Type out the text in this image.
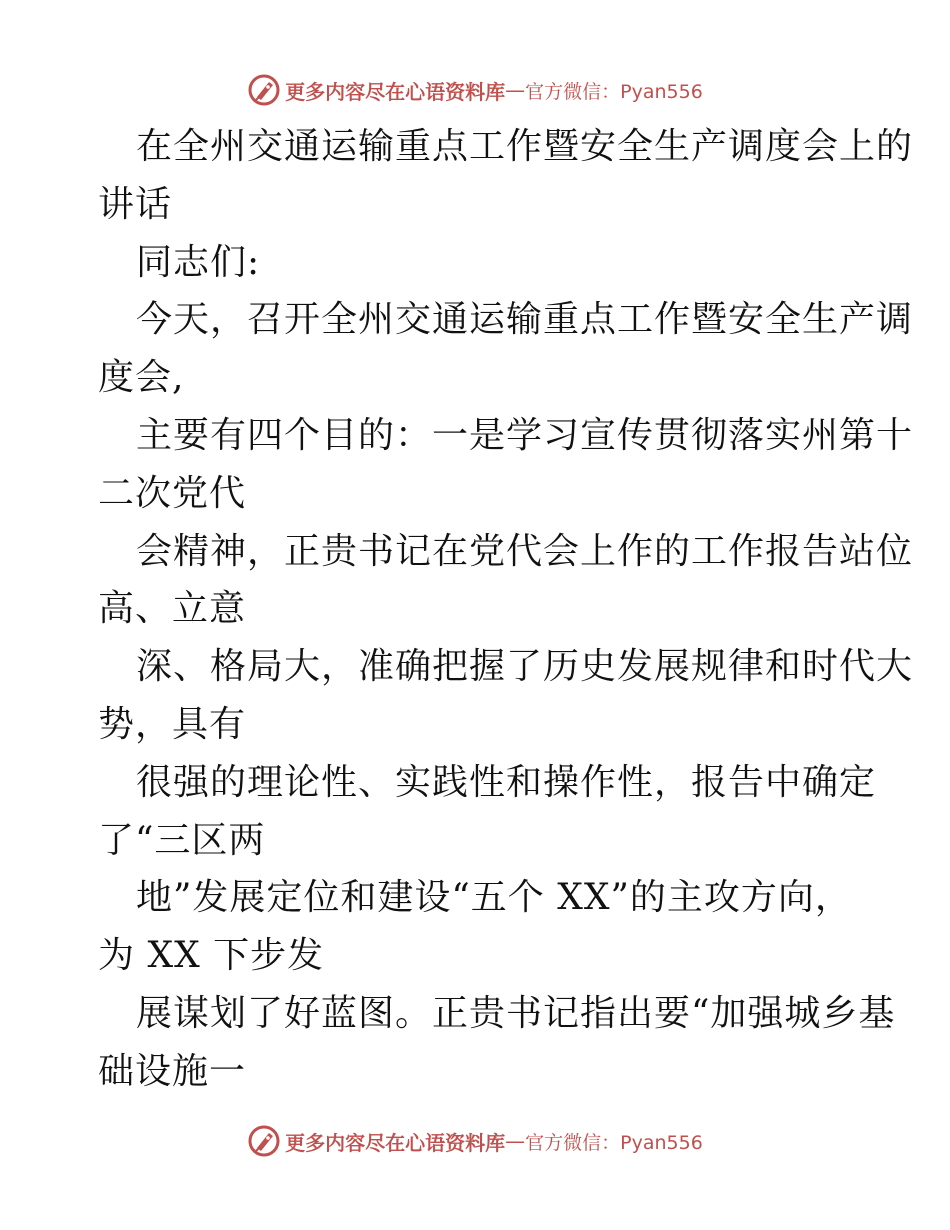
更多内容尽在心语资料库 — 官方微信：Pyan556
在全州交通运输重点工作暨安全生产调度会上的
讲话
同志们:
今天，召开全州交通运输重点工作暨安全生产调
度会,
主要有四个目的：一是学习宣传贯彻落实州第十
二次党代
会精神，正贵书记在党代会上作的工作报告站位
高、立意
深、格局大，准确把握了历史发展规律和时代大
势，具有
很强的理论性、实践性和操作性，报告中确定
了“三区两
地”发展定位和建设“五个 XX”的主攻方向，
为 XX 下步发
展谋划了好蓝图。正贵书记指出要“加强城乡基
础设施一
更多内容尽在心语资料库 — 官方微信：Pyan556
